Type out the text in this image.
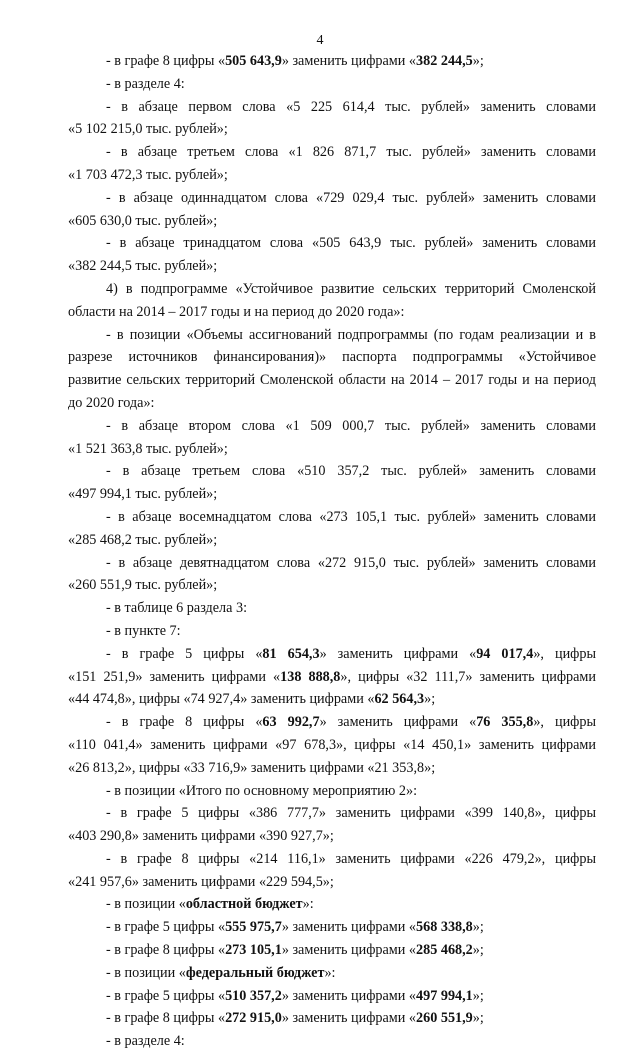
4
- в графе 8 цифры «505 643,9» заменить цифрами «382 244,5»;
- в разделе 4:
- в абзаце первом слова «5 225 614,4 тыс. рублей» заменить словами
«5 102 215,0 тыс. рублей»;
- в абзаце третьем слова «1 826 871,7 тыс. рублей» заменить словами
«1 703 472,3 тыс. рублей»;
- в абзаце одиннадцатом слова «729 029,4 тыс. рублей» заменить словами
«605 630,0 тыс. рублей»;
- в абзаце тринадцатом слова «505 643,9 тыс. рублей» заменить словами
«382 244,5 тыс. рублей»;
4) в подпрограмме «Устойчивое развитие сельских территорий Смоленской
области на 2014 – 2017 годы и на период до 2020 года»:
- в позиции «Объемы ассигнований подпрограммы (по годам реализации и в
разрезе источников финансирования)» паспорта подпрограммы «Устойчивое
развитие сельских территорий Смоленской области на 2014 – 2017 годы и на период
до 2020 года»:
- в абзаце втором слова «1 509 000,7 тыс. рублей» заменить словами
«1 521 363,8 тыс. рублей»;
- в абзаце третьем слова «510 357,2 тыс. рублей» заменить словами
«497 994,1 тыс. рублей»;
- в абзаце восемнадцатом слова «273 105,1 тыс. рублей» заменить словами
«285 468,2 тыс. рублей»;
- в абзаце девятнадцатом слова «272 915,0 тыс. рублей» заменить словами
«260 551,9 тыс. рублей»;
- в таблице 6 раздела 3:
- в пункте 7:
- в графе 5 цифры «81 654,3» заменить цифрами «94 017,4», цифры
«151 251,9» заменить цифрами «138 888,8», цифры «32 111,7» заменить цифрами
«44 474,8», цифры «74 927,4» заменить цифрами «62 564,3»;
- в графе 8 цифры «63 992,7» заменить цифрами «76 355,8», цифры
«110 041,4» заменить цифрами «97 678,3», цифры «14 450,1» заменить цифрами
«26 813,2», цифры «33 716,9» заменить цифрами «21 353,8»;
- в позиции «Итого по основному мероприятию 2»:
- в графе 5 цифры «386 777,7» заменить цифрами «399 140,8», цифры
«403 290,8» заменить цифрами «390 927,7»;
- в графе 8 цифры «214 116,1» заменить цифрами «226 479,2», цифры
«241 957,6» заменить цифрами «229 594,5»;
- в позиции «областной бюджет»:
- в графе 5 цифры «555 975,7» заменить цифрами «568 338,8»;
- в графе 8 цифры «273 105,1» заменить цифрами «285 468,2»;
- в позиции «федеральный бюджет»:
- в графе 5 цифры «510 357,2» заменить цифрами «497 994,1»;
- в графе 8 цифры «272 915,0» заменить цифрами «260 551,9»;
- в разделе 4:
